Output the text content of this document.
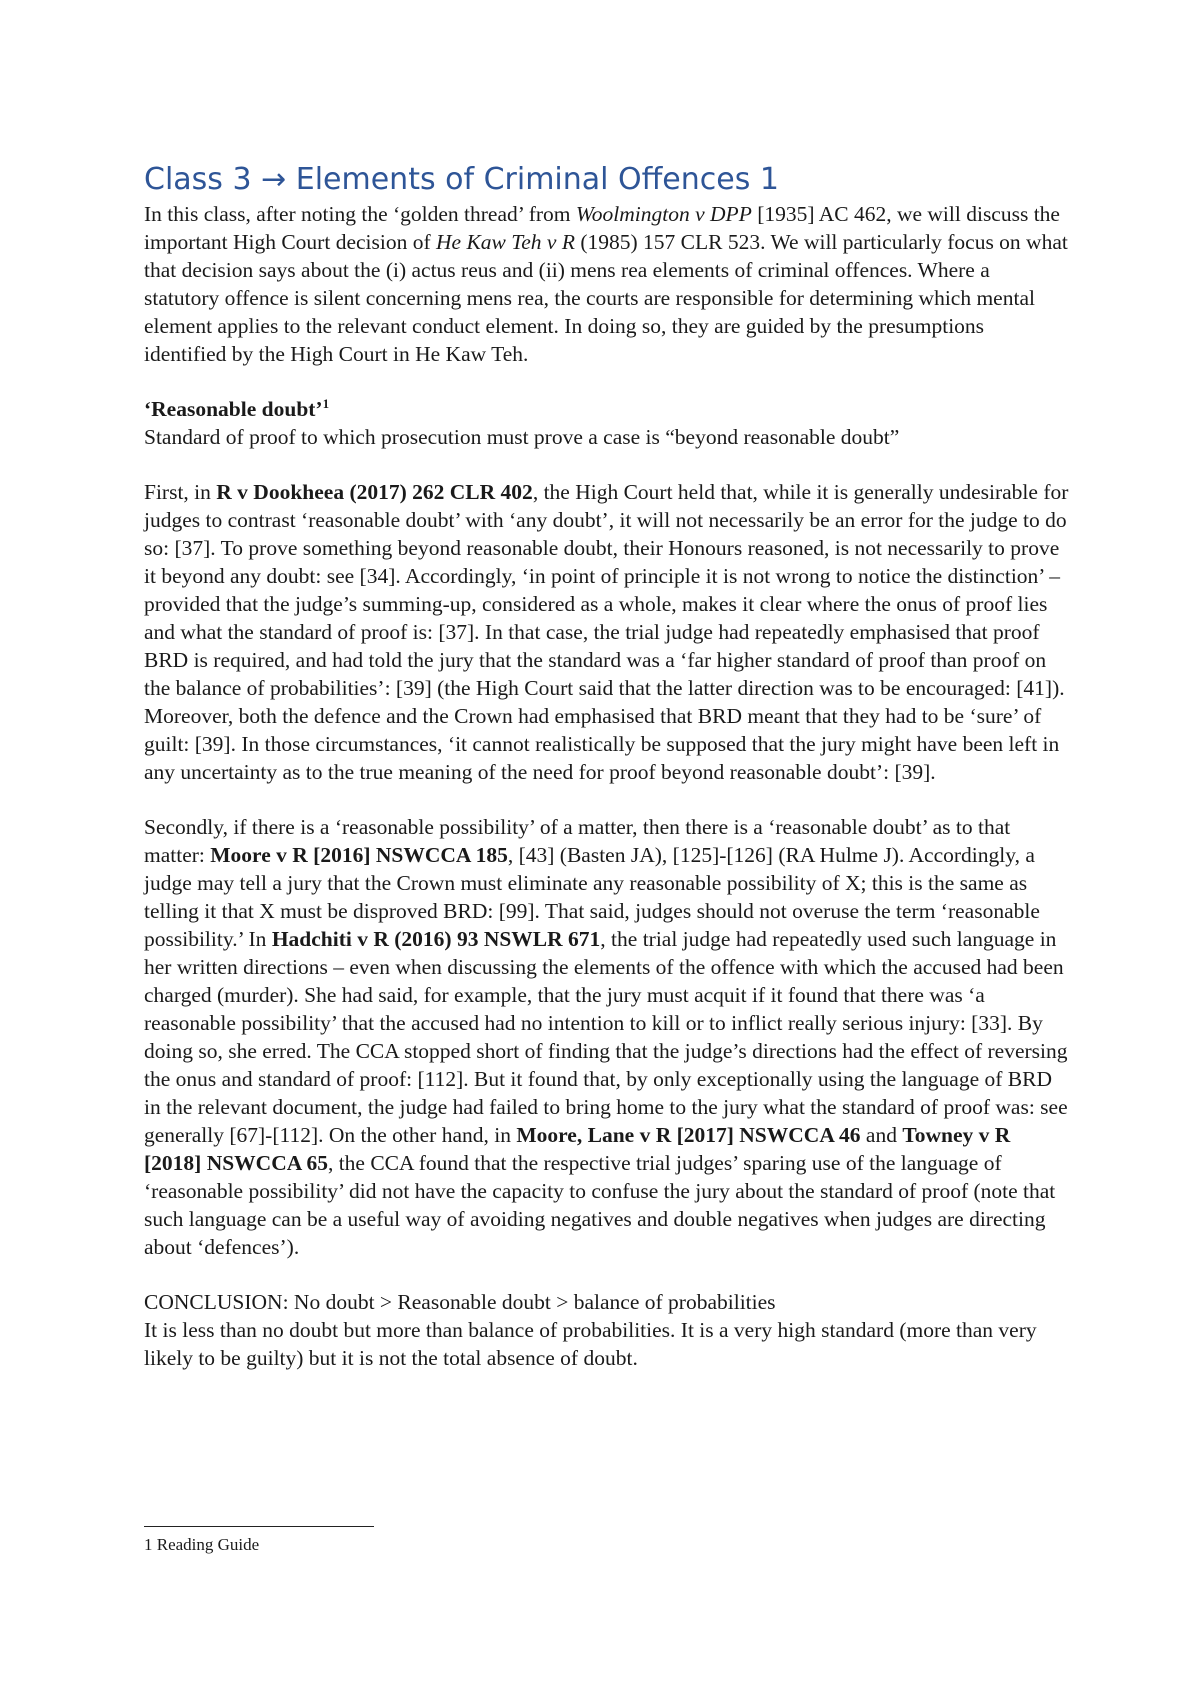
Class 3 → Elements of Criminal Offences 1

In this class, after noting the ‘golden thread’ from Woolmington v DPP [1935] AC 462, we will discuss the important High Court decision of He Kaw Teh v R (1985) 157 CLR 523. We will particularly focus on what that decision says about the (i) actus reus and (ii) mens rea elements of criminal offences. Where a statutory offence is silent concerning mens rea, the courts are responsible for determining which mental element applies to the relevant conduct element. In doing so, they are guided by the presumptions identified by the High Court in He Kaw Teh.

‘Reasonable doubt’$^1$

Standard of proof to which prosecution must prove a case is “beyond reasonable doubt”

First, in R v Dookheea (2017) 262 CLR 402, the High Court held that, while it is generally undesirable for judges to contrast ‘reasonable doubt’ with ‘any doubt’, it will not necessarily be an error for the judge to do so: [37]. To prove something beyond reasonable doubt, their Honours reasoned, is not necessarily to prove it beyond any doubt: see [34]. Accordingly, ‘in point of principle it is not wrong to notice the distinction’ – provided that the judge’s summing-up, considered as a whole, makes it clear where the onus of proof lies and what the standard of proof is: [37]. In that case, the trial judge had repeatedly emphasised that proof BRD is required, and had told the jury that the standard was a ‘far higher standard of proof than proof on the balance of probabilities’: [39] (the High Court said that the latter direction was to be encouraged: [41]). Moreover, both the defence and the Crown had emphasised that BRD meant that they had to be ‘sure’ of guilt: [39]. In those circumstances, ‘it cannot realistically be supposed that the jury might have been left in any uncertainty as to the true meaning of the need for proof beyond reasonable doubt’: [39].

Secondly, if there is a ‘reasonable possibility’ of a matter, then there is a ‘reasonable doubt’ as to that matter: Moore v R [2016] NSWCCA 185, [43] (Basten JA), [125]-[126] (RA Hulme J). Accordingly, a judge may tell a jury that the Crown must eliminate any reasonable possibility of X; this is the same as telling it that X must be disproved BRD: [99]. That said, judges should not overuse the term ‘reasonable possibility.’ In Hadchiti v R (2016) 93 NSWLR 671, the trial judge had repeatedly used such language in her written directions – even when discussing the elements of the offence with which the accused had been charged (murder). She had said, for example, that the jury must acquit if it found that there was ‘a reasonable possibility’ that the accused had no intention to kill or to inflict really serious injury: [33]. By doing so, she erred. The CCA stopped short of finding that the judge’s directions had the effect of reversing the onus and standard of proof: [112]. But it found that, by only exceptionally using the language of BRD in the relevant document, the judge had failed to bring home to the jury what the standard of proof was: see generally [67]-[112]. On the other hand, in Moore, Lane v R [2017] NSWCCA 46 and Towney v R [2018] NSWCCA 65, the CCA found that the respective trial judges’ sparing use of the language of ‘reasonable possibility’ did not have the capacity to confuse the jury about the standard of proof (note that such language can be a useful way of avoiding negatives and double negatives when judges are directing about ‘defences’).

CONCLUSION: No doubt > Reasonable doubt > balance of probabilities

It is less than no doubt but more than balance of probabilities. It is a very high standard (more than very likely to be guilty) but it is not the total absence of doubt.

1 Reading Guide
